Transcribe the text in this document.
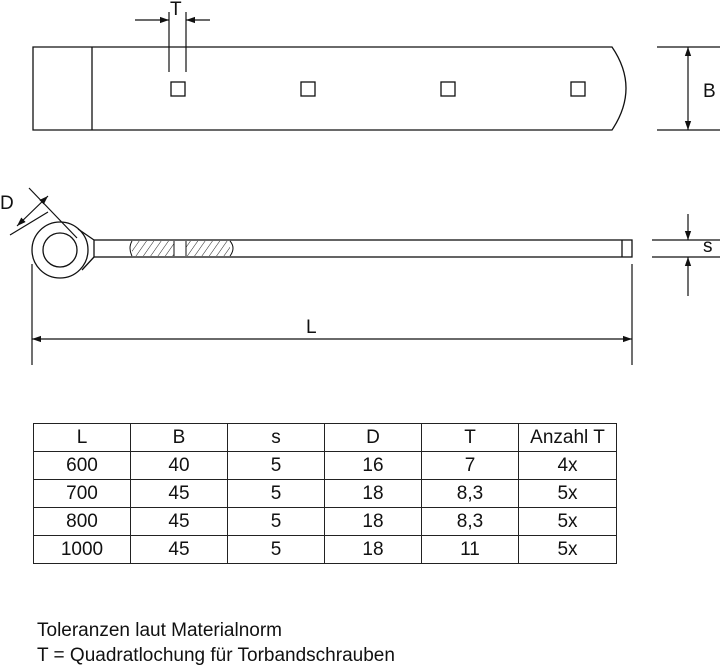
T
B
D
s
L
L	B	s	D	T	Anzahl T
600	40	5	16	7	4x
700	45	5	18	8,3	5x
800	45	5	18	8,3	5x
1000	45	5	18	11	5x
Toleranzen laut Materialnorm
T = Quadratlochung für Torbandschrauben
